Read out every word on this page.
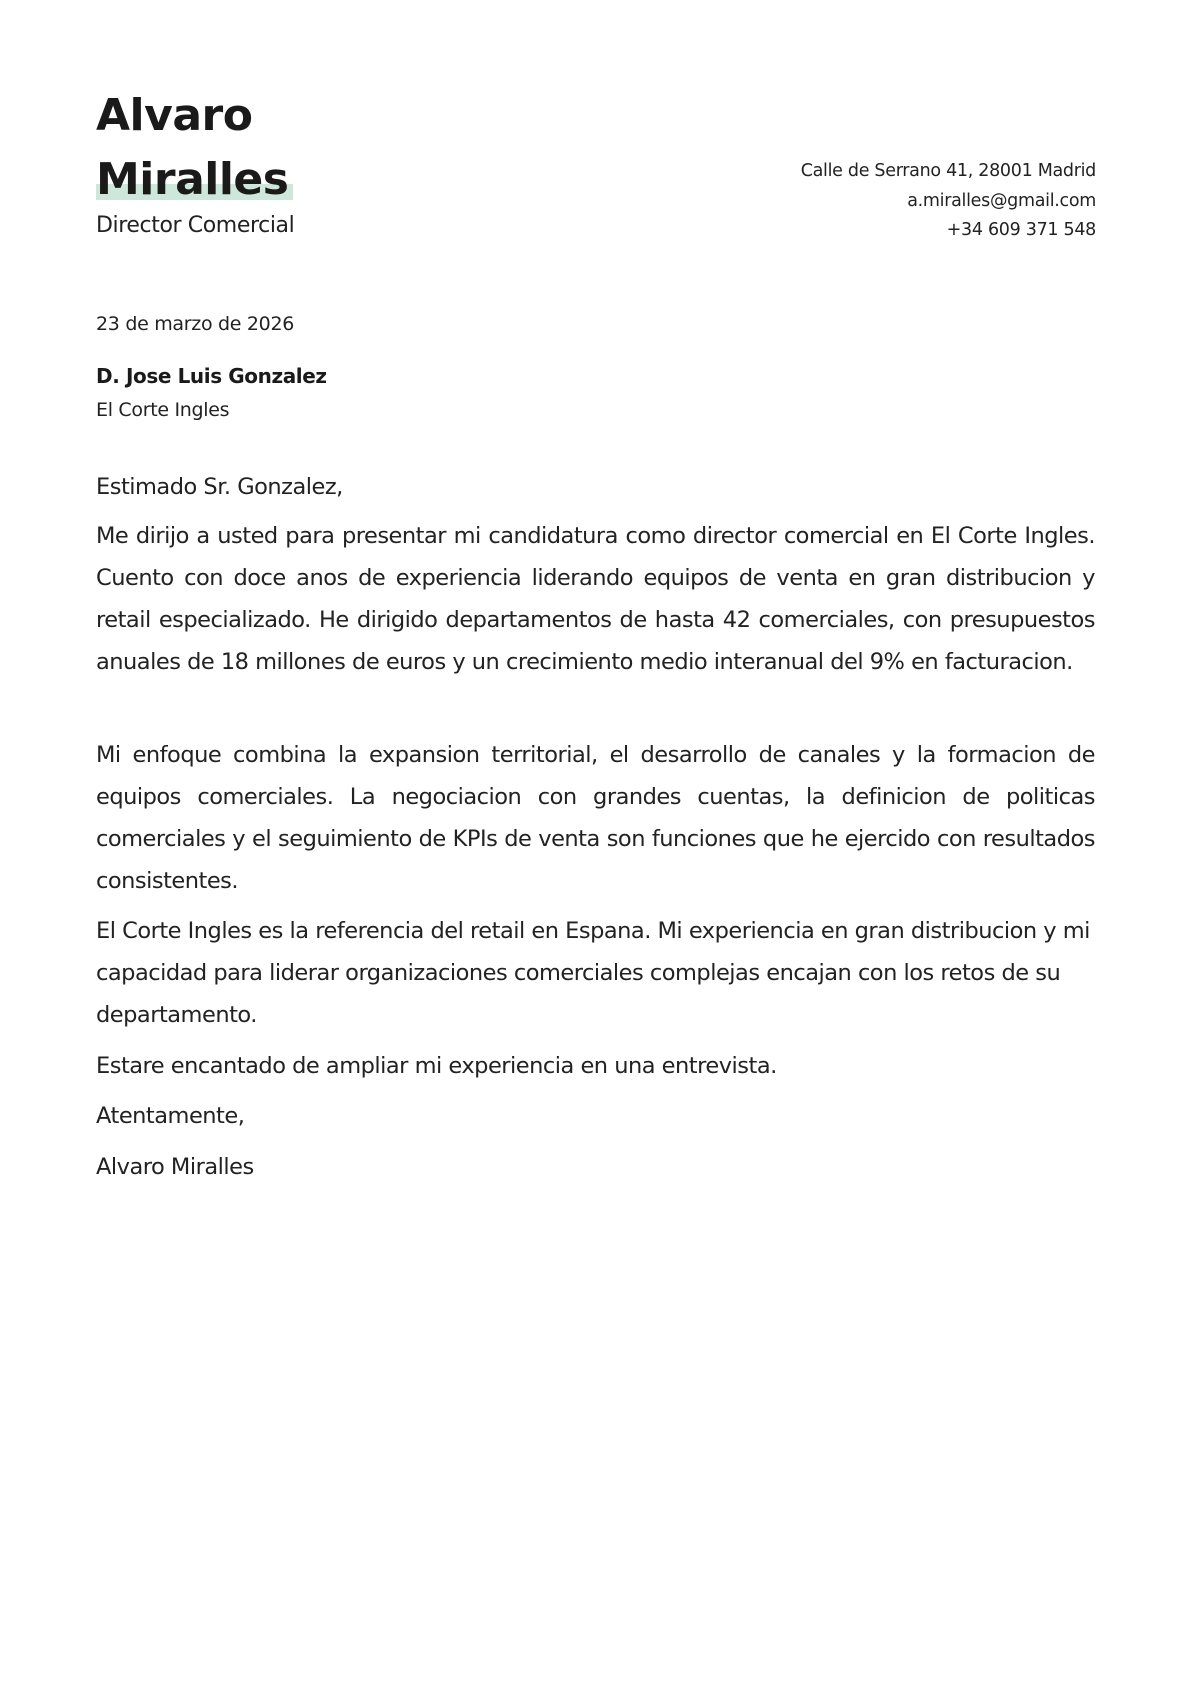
Alvaro
Miralles
Director Comercial
Calle de Serrano 41, 28001 Madrid
a.miralles@gmail.com
+34 609 371 548
23 de marzo de 2026
D. Jose Luis Gonzalez
El Corte Ingles
Estimado Sr. Gonzalez,
Me dirijo a usted para presentar mi candidatura como director comercial en El Corte Ingles. Cuento con doce anos de experiencia liderando equipos de venta en gran distribucion y retail especializado. He dirigido departamentos de hasta 42 comerciales, con presupuestos anuales de 18 millones de euros y un crecimiento medio interanual del 9% en facturacion.
Mi enfoque combina la expansion territorial, el desarrollo de canales y la formacion de equipos comerciales. La negociacion con grandes cuentas, la definicion de politicas comerciales y el seguimiento de KPIs de venta son funciones que he ejercido con resultados consistentes.
El Corte Ingles es la referencia del retail en Espana. Mi experiencia en gran distribucion y mi capacidad para liderar organizaciones comerciales complejas encajan con los retos de su departamento.
Estare encantado de ampliar mi experiencia en una entrevista.
Atentamente,
Alvaro Miralles
